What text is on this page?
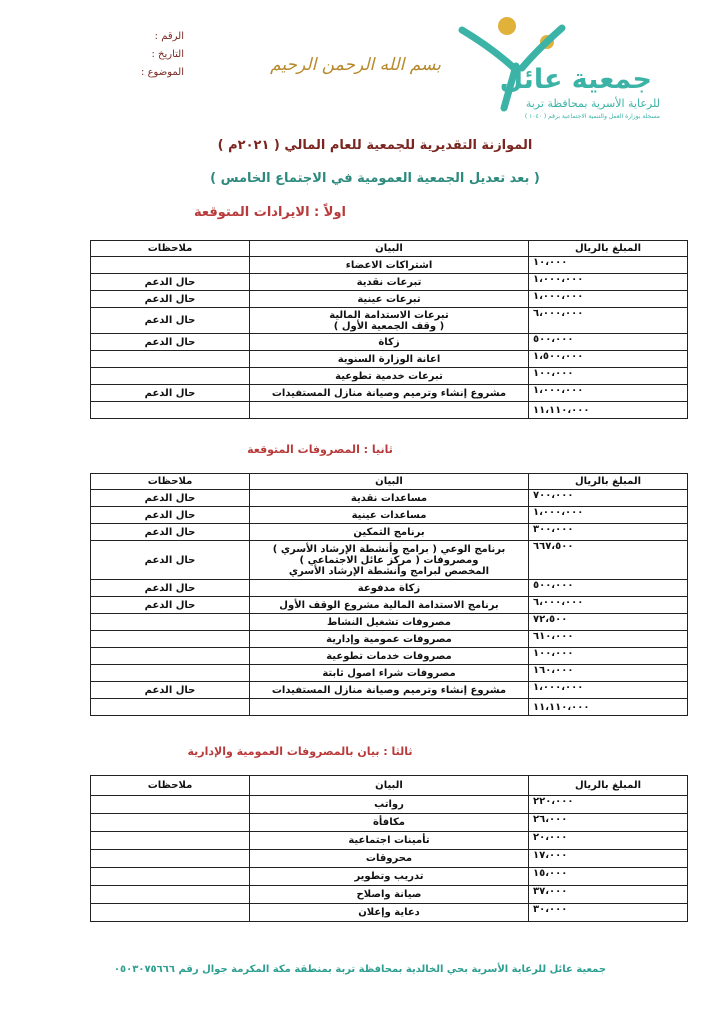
الرقم :
التاريخ :
الموضوع :	بسم الله الرحمن الرحيم جمعية عائل
للرعاية الأسرية بمحافظة تربة
مسجلة بوزارة العمل والتنمية الاجتماعية برقم ( ١٠٤٠ )
الموازنة التقديرية للجمعية للعام المالي ( ٢٠٢١م )
( بعد تعديل الجمعية العمومية في الاجتماع الخامس )
اولاً : الايرادات المتوقعة
المبلغ بالريال	البيان	ملاحظات
١٠،٠٠٠	اشتراكات الاعضاء	
١،٠٠٠،٠٠٠	تبرعات نقدية	حال الدعم
١،٠٠٠،٠٠٠	تبرعات عينية	حال الدعم
٦،٠٠٠،٠٠٠	تبرعات الاستدامة المالية
( وقف الجمعية الأول )	حال الدعم
٥٠٠،٠٠٠	زكاة	حال الدعم
١،٥٠٠،٠٠٠	اعانة الوزارة السنوية	
١٠٠،٠٠٠	تبرعات خدمية تطوعية	
١،٠٠٠،٠٠٠	مشروع إنشاء وترميم وصيانة منازل المستفيدات	حال الدعم
١١،١١٠،٠٠٠		
ثانيا : المصروفات المتوقعة
المبلغ بالريال	البيان	ملاحظات
٧٠٠،٠٠٠	مساعدات نقدية	حال الدعم
١،٠٠٠،٠٠٠	مساعدات عينية	حال الدعم
٣٠٠،٠٠٠	برنامج التمكين	حال الدعم
٦٦٧،٥٠٠	برنامج الوعي ( برامج وأنشطة الإرشاد الأسري )
ومصروفات ( مركز عائل الاجتماعي )
المخصص لبرامج وأنشطة الإرشاد الأسري	حال الدعم
٥٠٠،٠٠٠	زكاة مدفوعة	حال الدعم
٦،٠٠٠،٠٠٠	برنامج الاستدامة المالية مشروع الوقف الأول	حال الدعم
٧٢،٥٠٠	مصروفات تشغيل النشاط	
٦١٠،٠٠٠	مصروفات عمومية وإدارية	
١٠٠،٠٠٠	مصروفات خدمات تطوعية	
١٦٠،٠٠٠	مصروفات شراء اصول ثابتة	
١،٠٠٠،٠٠٠	مشروع إنشاء وترميم وصيانة منازل المستفيدات	حال الدعم
١١،١١٠،٠٠٠		
ثالثا : بيان بالمصروفات العمومية والإدارية
المبلغ بالريال	البيان	ملاحظات
٢٢٠،٠٠٠	رواتب	
٢٦،٠٠٠	مكافأة	
٢٠،٠٠٠	تأمينات اجتماعية	
١٧،٠٠٠	محروقات	
١٥،٠٠٠	تدريب وتطوير	
٣٧،٠٠٠	صيانة واصلاح	
٣٠،٠٠٠	دعاية وإعلان	
جمعية عائل للرعاية الأسرية بحي الخالدية بمحافظة تربة بمنطقة مكة المكرمة جوال رقم ٠٥٠٣٠٧٥٦٦٦
